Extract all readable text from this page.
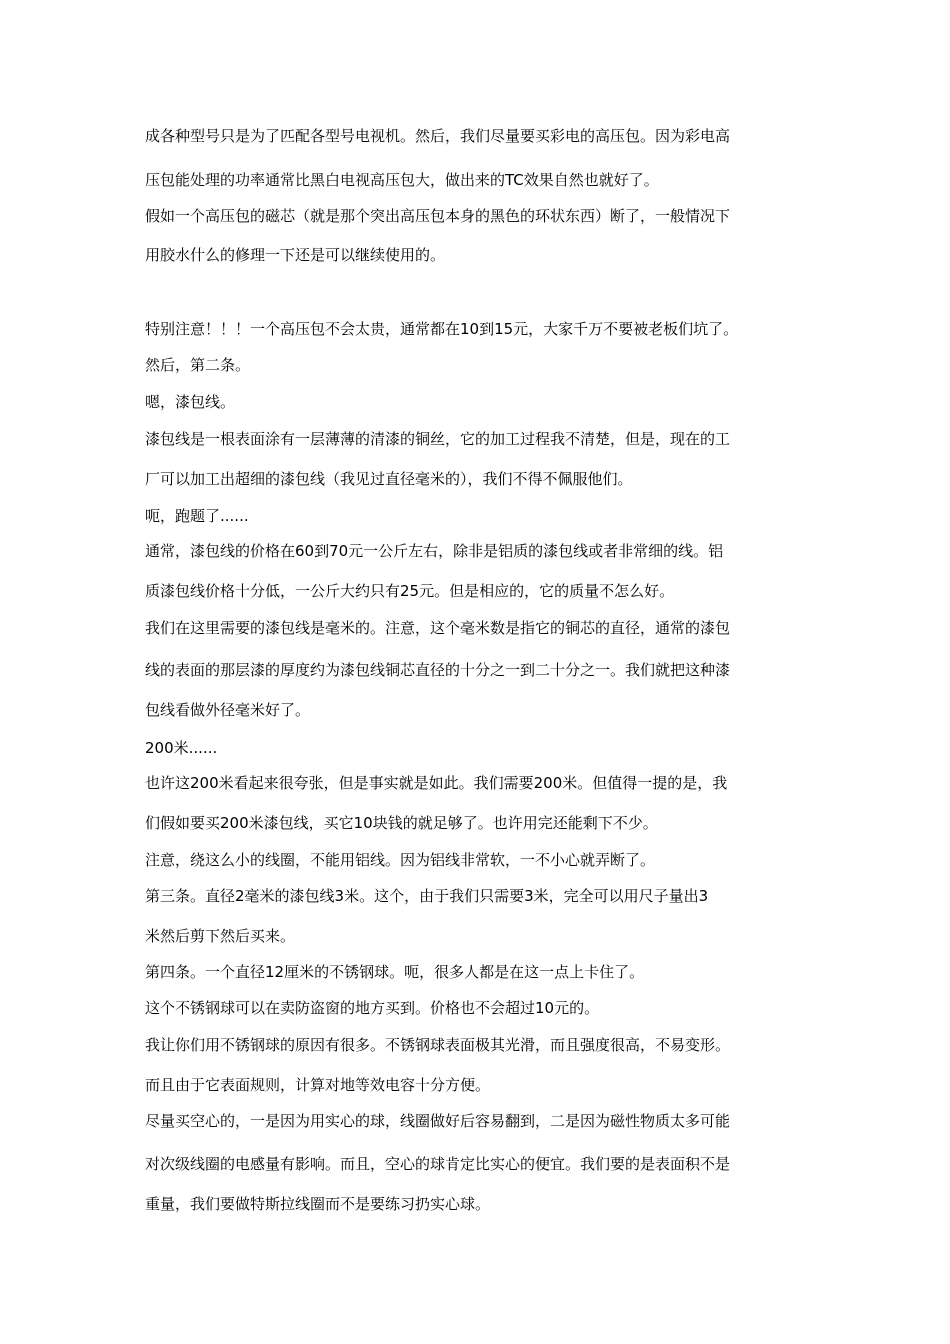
成各种型号只是为了匹配各型号电视机。然后，我们尽量要买彩电的高压包。因为彩电高
压包能处理的功率通常比黑白电视高压包大，做出来的TC效果自然也就好了。
假如一个高压包的磁芯（就是那个突出高压包本身的黑色的环状东西）断了，一般情况下
用胶水什么的修理一下还是可以继续使用的。
特别注意！！！一个高压包不会太贵，通常都在10到15元，大家千万不要被老板们坑了。
然后，第二条。
嗯，漆包线。
漆包线是一根表面涂有一层薄薄的清漆的铜丝，它的加工过程我不清楚，但是，现在的工
厂可以加工出超细的漆包线（我见过直径毫米的），我们不得不佩服他们。
呃，跑题了......
通常，漆包线的价格在60到70元一公斤左右，除非是铝质的漆包线或者非常细的线。铝
质漆包线价格十分低，一公斤大约只有25元。但是相应的，它的质量不怎么好。
我们在这里需要的漆包线是毫米的。注意，这个毫米数是指它的铜芯的直径，通常的漆包
线的表面的那层漆的厚度约为漆包线铜芯直径的十分之一到二十分之一。我们就把这种漆
包线看做外径毫米好了。
200米......
也许这200米看起来很夸张，但是事实就是如此。我们需要200米。但值得一提的是，我
们假如要买200米漆包线，买它10块钱的就足够了。也许用完还能剩下不少。
注意，绕这么小的线圈，不能用铝线。因为铝线非常软，一不小心就弄断了。
第三条。直径2毫米的漆包线3米。这个，由于我们只需要3米，完全可以用尺子量出3
米然后剪下然后买来。
第四条。一个直径12厘米的不锈钢球。呃，很多人都是在这一点上卡住了。
这个不锈钢球可以在卖防盗窗的地方买到。价格也不会超过10元的。
我让你们用不锈钢球的原因有很多。不锈钢球表面极其光滑，而且强度很高，不易变形。
而且由于它表面规则，计算对地等效电容十分方便。
尽量买空心的，一是因为用实心的球，线圈做好后容易翻到，二是因为磁性物质太多可能
对次级线圈的电感量有影响。而且，空心的球肯定比实心的便宜。我们要的是表面积不是
重量，我们要做特斯拉线圈而不是要练习扔实心球。
